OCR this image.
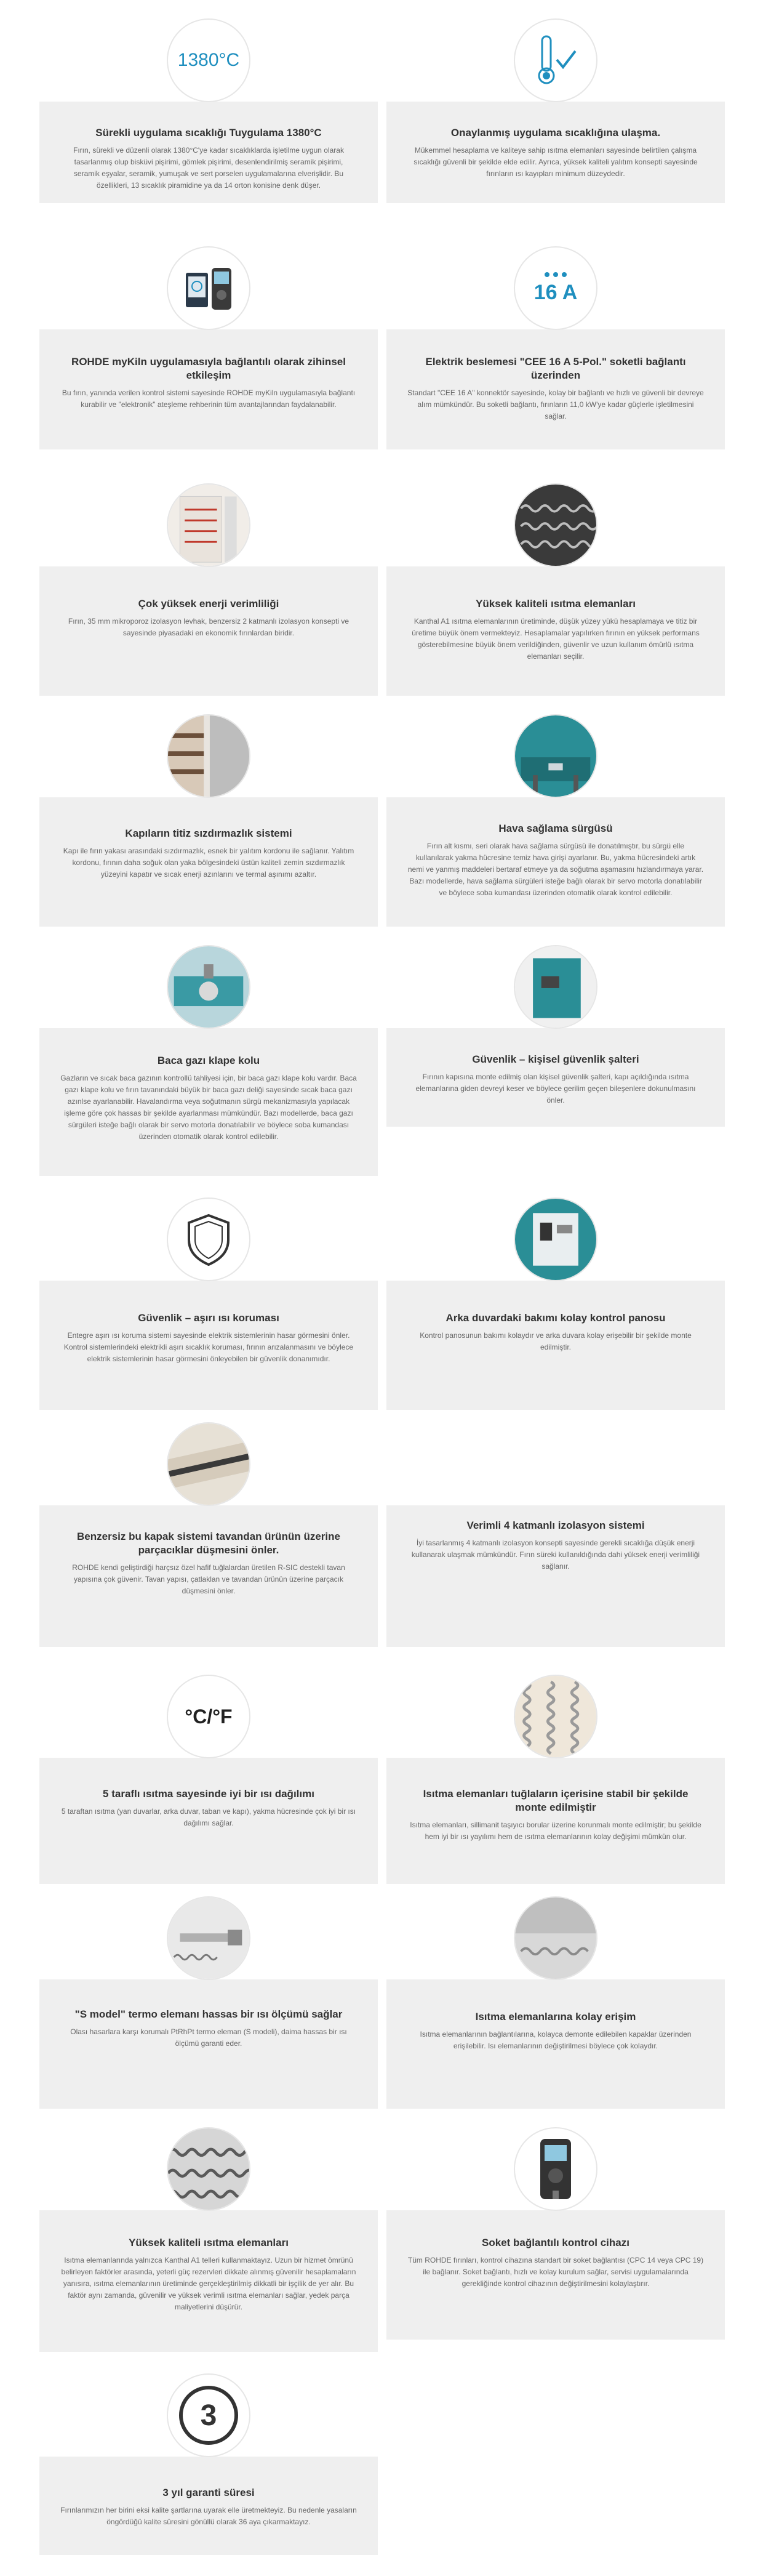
1380°C
Sürekli uygulama sıcaklığı Tuygulama 1380°C

Fırın, sürekli ve düzenli olarak 1380°C'ye kadar sıcaklıklarda işletilme uygun olarak tasarlanmış olup bisküvi pişirimi, gömlek pişirimi, desenlendirilmiş seramik pişirimi, seramik eşyalar, seramik, yumuşak ve sert porselen uygulamalarına elverişlidir. Bu özellikleri, 13 sıcaklık piramidine ya da 14 orton konisine denk düşer.

Onaylanmış uygulama sıcaklığına ulaşma.

Mükemmel hesaplama ve kaliteye sahip ısıtma elemanları sayesinde belirtilen çalışma sıcaklığı güvenli bir şekilde elde edilir. Ayrıca, yüksek kaliteli yalıtım konsepti sayesinde fırınların ısı kayıpları minimum düzeydedir.

ROHDE myKiln uygulamasıyla bağlantılı olarak zihinsel etkileşim

Bu fırın, yanında verilen kontrol sistemi sayesinde ROHDE myKiln uygulamasıyla bağlantı kurabilir ve "elektronik" ateşleme rehberinin tüm avantajlarından faydalanabilir.

16 A
Elektrik beslemesi "CEE 16 A 5-Pol." soketli bağlantı üzerinden

Standart "CEE 16 A" konnektör sayesinde, kolay bir bağlantı ve hızlı ve güvenli bir devreye alım mümkündür. Bu soketli bağlantı, fırınların 11,0 kW'ye kadar güçlerle işletilmesini sağlar.

Çok yüksek enerji verimliliği

Fırın, 35 mm mikroporoz izolasyon levhak, benzersiz 2 katmanlı izolasyon konsepti ve sayesinde piyasadaki en ekonomik fırınlardan biridir.

Yüksek kaliteli ısıtma elemanları

Kanthal A1 ısıtma elemanlarının üretiminde, düşük yüzey yükü hesaplamaya ve titiz bir üretime büyük önem vermekteyiz. Hesaplamalar yapılırken fırının en yüksek performans gösterebilmesine büyük önem verildiğinden, güvenlir ve uzun kullanım ömürlü ısıtma elemanları seçilir.

Kapıların titiz sızdırmazlık sistemi

Kapı ile fırın yakası arasındaki sızdırmazlık, esnek bir yalıtım kordonu ile sağlanır. Yalıtım kordonu, fırının daha soğuk olan yaka bölgesindeki üstün kaliteli zemin sızdırmazlık yüzeyini kapatır ve sıcak enerji azınlarını ve termal aşınımı azaltır.

Hava sağlama sürgüsü

Fırın alt kısmı, seri olarak hava sağlama sürgüsü ile donatılmıştır, bu sürgü elle kullanılarak yakma hücresine temiz hava girişi ayarlanır. Bu, yakma hücresindeki artık nemi ve yanmış maddeleri bertaraf etmeye ya da soğutma aşamasını hızlandırmaya yarar. Bazı modellerde, hava sağlama sürgüleri isteğe bağlı olarak bir servo motorla donatılabilir ve böylece soba kumandası üzerinden otomatik olarak kontrol edilebilir.

Baca gazı klape kolu

Gazların ve sıcak baca gazının kontrollü tahliyesi için, bir baca gazı klape kolu vardır. Baca gazı klape kolu ve fırın tavanındaki büyük bir baca gazı deliği sayesinde sıcak baca gazı azınlse ayarlanabilir. Havalandırma veya soğutmanın sürgü mekanizmasıyla yapılacak işleme göre çok hassas bir şekilde ayarlanması mümkündür. Bazı modellerde, baca gazı sürgüleri isteğe bağlı olarak bir servo motorla donatılabilir ve böylece soba kumandası üzerinden otomatik olarak kontrol edilebilir.

Güvenlik – kişisel güvenlik şalteri

Fırının kapısına monte edilmiş olan kişisel güvenlik şalteri, kapı açıldığında ısıtma elemanlarına giden devreyi keser ve böylece gerilim geçen bileşenlere dokunulmasını önler.

Güvenlik – aşırı ısı koruması

Entegre aşırı ısı koruma sistemi sayesinde elektrik sistemlerinin hasar görmesini önler. Kontrol sistemlerindeki elektrikli aşırı sıcaklık koruması, fırının arızalanmasını ve böylece elektrik sistemlerinin hasar görmesini önleyebilen bir güvenlik donanımıdır.

Arka duvardaki bakımı kolay kontrol panosu

Kontrol panosunun bakımı kolaydır ve arka duvara kolay erişebilir bir şekilde monte edilmiştir.

Benzersiz bu kapak sistemi tavandan ürünün üzerine parçacıklar düşmesini önler.

ROHDE kendi geliştirdiği harçsız özel hafif tuğlalardan üretilen R-SIC destekli tavan yapısına çok güvenir. Tavan yapısı, çatlaklan ve tavandan ürünün üzerine parçacık düşmesini önler.

Verimli 4 katmanlı izolasyon sistemi

İyi tasarlanmış 4 katmanlı izolasyon konsepti sayesinde gerekli sıcaklığa düşük enerji kullanarak ulaşmak mümkündür. Fırın süreki kullanıldığında dahi yüksek enerji verimliliği sağlanır.

°C/°F
5 taraflı ısıtma sayesinde iyi bir ısı dağılımı

5 taraftan ısıtma (yan duvarlar, arka duvar, taban ve kapı), yakma hücresinde çok iyi bir ısı dağılımı sağlar.

Isıtma elemanları tuğlaların içerisine stabil bir şekilde monte edilmiştir

Isıtma elemanları, sillimanit taşıyıcı borular üzerine korunmalı monte edilmiştir; bu şekilde hem iyi bir ısı yayılımı hem de ısıtma elemanlarının kolay değişimi mümkün olur.

"S model" termo elemanı hassas bir ısı ölçümü sağlar

Olası hasarlara karşı korumalı PtRhPt termo eleman (S modeli), daima hassas bir ısı ölçümü garanti eder.

Isıtma elemanlarına kolay erişim

Isıtma elemanlarının bağlantılarına, kolayca demonte edilebilen kapaklar üzerinden erişilebilir. Isı elemanlarının değiştirilmesi böylece çok kolaydır.

Yüksek kaliteli ısıtma elemanları

Isıtma elemanlarında yalnızca Kanthal A1 telleri kullanmaktayız. Uzun bir hizmet ömrünü belirleyen faktörler arasında, yeterli güç rezervleri dikkate alınmış güvenilir hesaplamaların yanısıra, ısıtma elemanlarının üretiminde gerçekleştirilmiş dikkatli bir işçilik de yer alır. Bu faktör aynı zamanda, güvenilir ve yüksek verimli ısıtma elemanları sağlar, yedek parça maliyetlerini düşürür.

Soket bağlantılı kontrol cihazı

Tüm ROHDE fırınları, kontrol cihazına standart bir soket bağlantısı (CPC 14 veya CPC 19) ile bağlanır. Soket bağlantı, hızlı ve kolay kurulum sağlar, servisi uygulamalarında gerekliğinde kontrol cihazının değiştirilmesini kolaylaştırır.

3
3 yıl garanti süresi

Fırınlarımızın her birini eksi kalite şartlarına uyarak elle üretmekteyiz. Bu nedenle yasaların öngördüğü kalite süresini gönüllü olarak 36 aya çıkarmaktayız.
